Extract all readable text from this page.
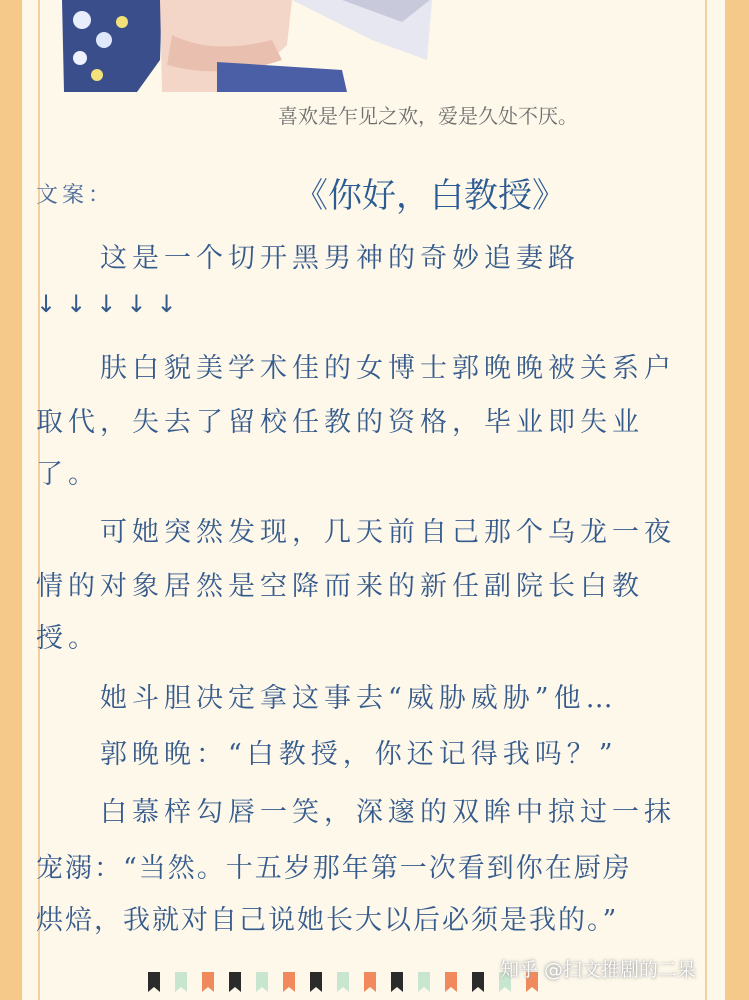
喜欢是乍见之欢，爱是久处不厌。
文案：	《你好，白教授》
↓↓↓↓↓
这是一个切开黑男神的奇妙追妻路
肤白貌美学术佳的女博士郭晚晚被关系户
取代，失去了留校任教的资格，毕业即失业
了。
可她突然发现，几天前自己那个乌龙一夜
情的对象居然是空降而来的新任副院长白教
授。
她斗胆决定拿这事去“威胁威胁”他…
郭晚晚：“白教授，你还记得我吗？”
白慕梓勾唇一笑，深邃的双眸中掠过一抹
宠溺：“当然。十五岁那年第一次看到你在厨房
烘焙，我就对自己说她长大以后必须是我的。”
知乎 @扫文推剧的二呆
